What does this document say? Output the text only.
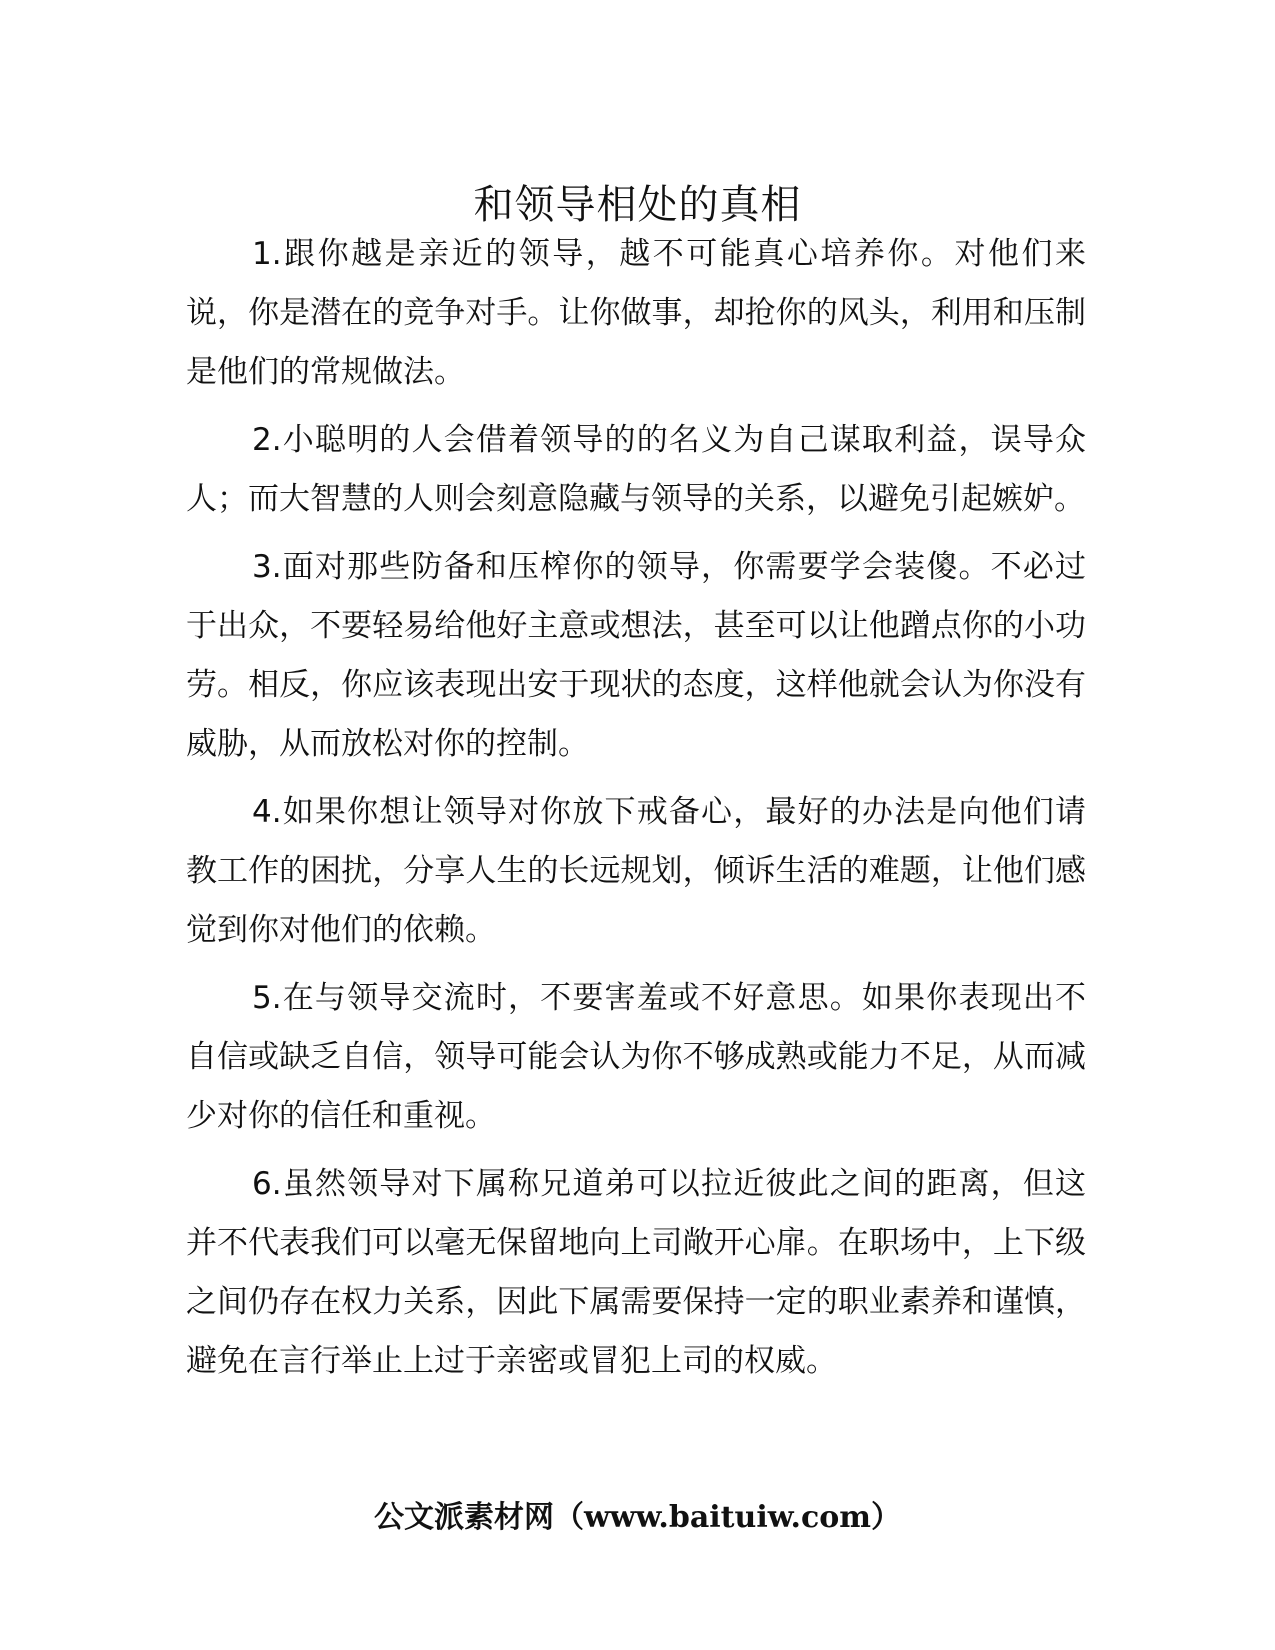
和领导相处的真相

1.跟你越是亲近的领导，越不可能真心培养你。对他们来说，你是潜在的竞争对手。让你做事，却抢你的风头，利用和压制是他们的常规做法。

2.小聪明的人会借着领导的的名义为自己谋取利益，误导众人；而大智慧的人则会刻意隐藏与领导的关系，以避免引起嫉妒。

3.面对那些防备和压榨你的领导，你需要学会装傻。不必过于出众，不要轻易给他好主意或想法，甚至可以让他蹭点你的小功劳。相反，你应该表现出安于现状的态度，这样他就会认为你没有威胁，从而放松对你的控制。

4.如果你想让领导对你放下戒备心，最好的办法是向他们请教工作的困扰，分享人生的长远规划，倾诉生活的难题，让他们感觉到你对他们的依赖。

5.在与领导交流时，不要害羞或不好意思。如果你表现出不自信或缺乏自信，领导可能会认为你不够成熟或能力不足，从而减少对你的信任和重视。

6.虽然领导对下属称兄道弟可以拉近彼此之间的距离，但这并不代表我们可以毫无保留地向上司敞开心扉。在职场中，上下级之间仍存在权力关系，因此下属需要保持一定的职业素养和谨慎，避免在言行举止上过于亲密或冒犯上司的权威。

公文派素材网（www.baituiw.com）
